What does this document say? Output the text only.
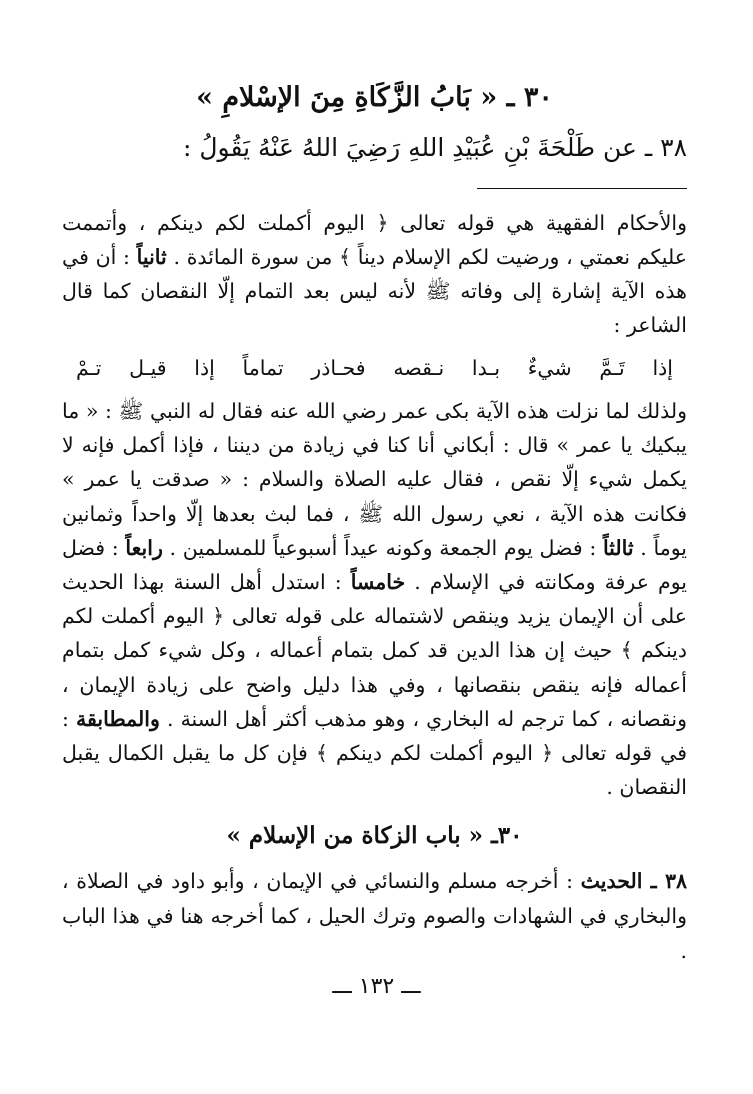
٣٠ ـ « بَابُ الزَّكَاةِ مِنَ الإسْلامِ »

٣٨ ـ عن طَلْحَةَ بْنِ عُبَيْدِ اللهِ رَضِيَ اللهُ عَنْهُ يَقُولُ :

والأحكام الفقهية هي قوله تعالى ﴿ اليوم أكملت لكم دينكم ، وأتممت عليكم نعمتي ، ورضيت لكم الإسلام ديناً ﴾ من سورة المائدة . ثانياً : أن في هذه الآية إشارة إلى وفاته ﷺ لأنه ليس بعد التمام إلّا النقصان كما قال الشاعر :

إذا تَـمَّ شيءٌ بـدا نـقصه فحـاذر تماماً إذا قيـل تـمْ

ولذلك لما نزلت هذه الآية بكى عمر رضي الله عنه فقال له النبي ﷺ : « ما يبكيك يا عمر » قال : أبكاني أنا كنا في زيادة من ديننا ، فإذا أكمل فإنه لا يكمل شيء إلّا نقص ، فقال عليه الصلاة والسلام : « صدقت يا عمر » فكانت هذه الآية ، نعي رسول الله ﷺ ، فما لبث بعدها إلّا واحداً وثمانين يوماً . ثالثاً : فضل يوم الجمعة وكونه عيداً أسبوعياً للمسلمين . رابعاً : فضل يوم عرفة ومكانته في الإسلام . خامساً : استدل أهل السنة بهذا الحديث على أن الإيمان يزيد وينقص لاشتماله على قوله تعالى ﴿ اليوم أكملت لكم دينكم ﴾ حيث إن هذا الدين قد كمل بتمام أعماله ، وكل شيء كمل بتمام أعماله فإنه ينقص بنقصانها ، وفي هذا دليل واضح على زيادة الإيمان ، ونقصانه ، كما ترجم له البخاري ، وهو مذهب أكثر أهل السنة . والمطابقة : في قوله تعالى ﴿ اليوم أكملت لكم دينكم ﴾ فإن كل ما يقبل الكمال يقبل النقصان .

٣٠ـ « باب الزكاة من الإسلام »

٣٨ ـ الحديث : أخرجه مسلم والنسائي في الإيمان ، وأبو داود في الصلاة ، والبخاري في الشهادات والصوم وترك الحيل ، كما أخرجه هنا في هذا الباب .

ـــ ١٣٢ ـــ
